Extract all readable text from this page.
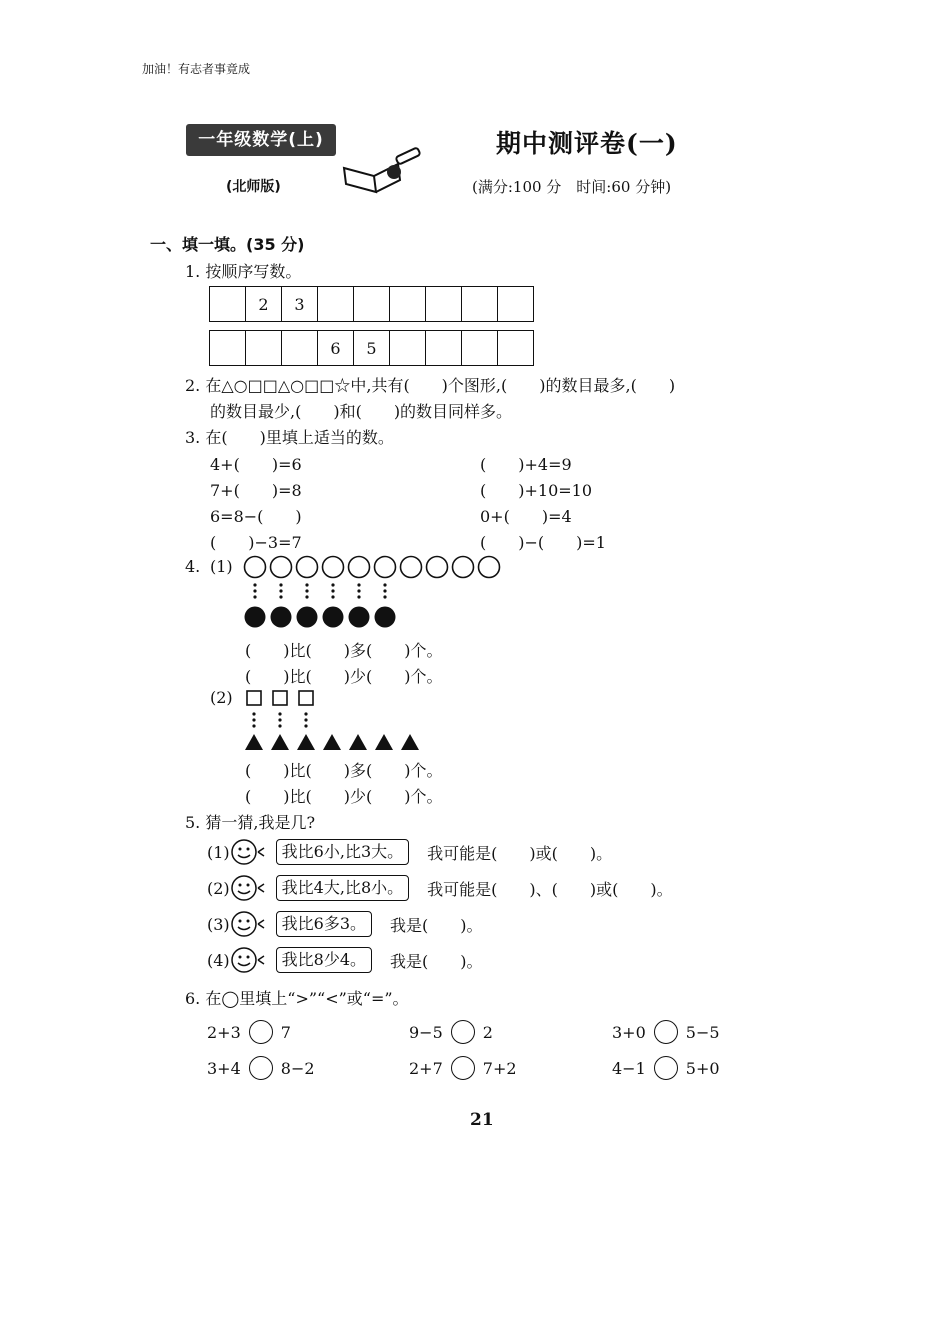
加油！有志者事竟成
一年级数学(上)
(北师版)
期中测评卷(一)
(满分:100 分　时间:60 分钟)
一、填一填。(35 分)
1. 按顺序写数。
	2	3						
			6	5				
2. 在△○□□△○□□☆中,共有(　　)个图形,(　　)的数目最多,(　　)
的数目最少,(　　)和(　　)的数目同样多。
3. 在(　　)里填上适当的数。
4+(　　)=6
7+(　　)=8
6=8−(　　)
(　　)−3=7
(　　)+4=9
(　　)+10=10
0+(　　)=4
(　　)−(　　)=1
4. (1)
(　　)比(　　)多(　　)个。
(　　)比(　　)少(　　)个。
(2)
(　　)比(　　)多(　　)个。
(　　)比(　　)少(　　)个。
5. 猜一猜,我是几?
(1)	我比6小,比3大。	我可能是(　　)或(　　)。
(2)	我比4大,比8小。	我可能是(　　)、(　　)或(　　)。
(3)	我比6多3。	我是(　　)。
(4)	我比8少4。	我是(　　)。
6. 在◯里填上“>”“<”或“=”。
2+3	7	9−5	2	3+0	5−5
3+4	8−2	2+7	7+2	4−1	5+0
21
